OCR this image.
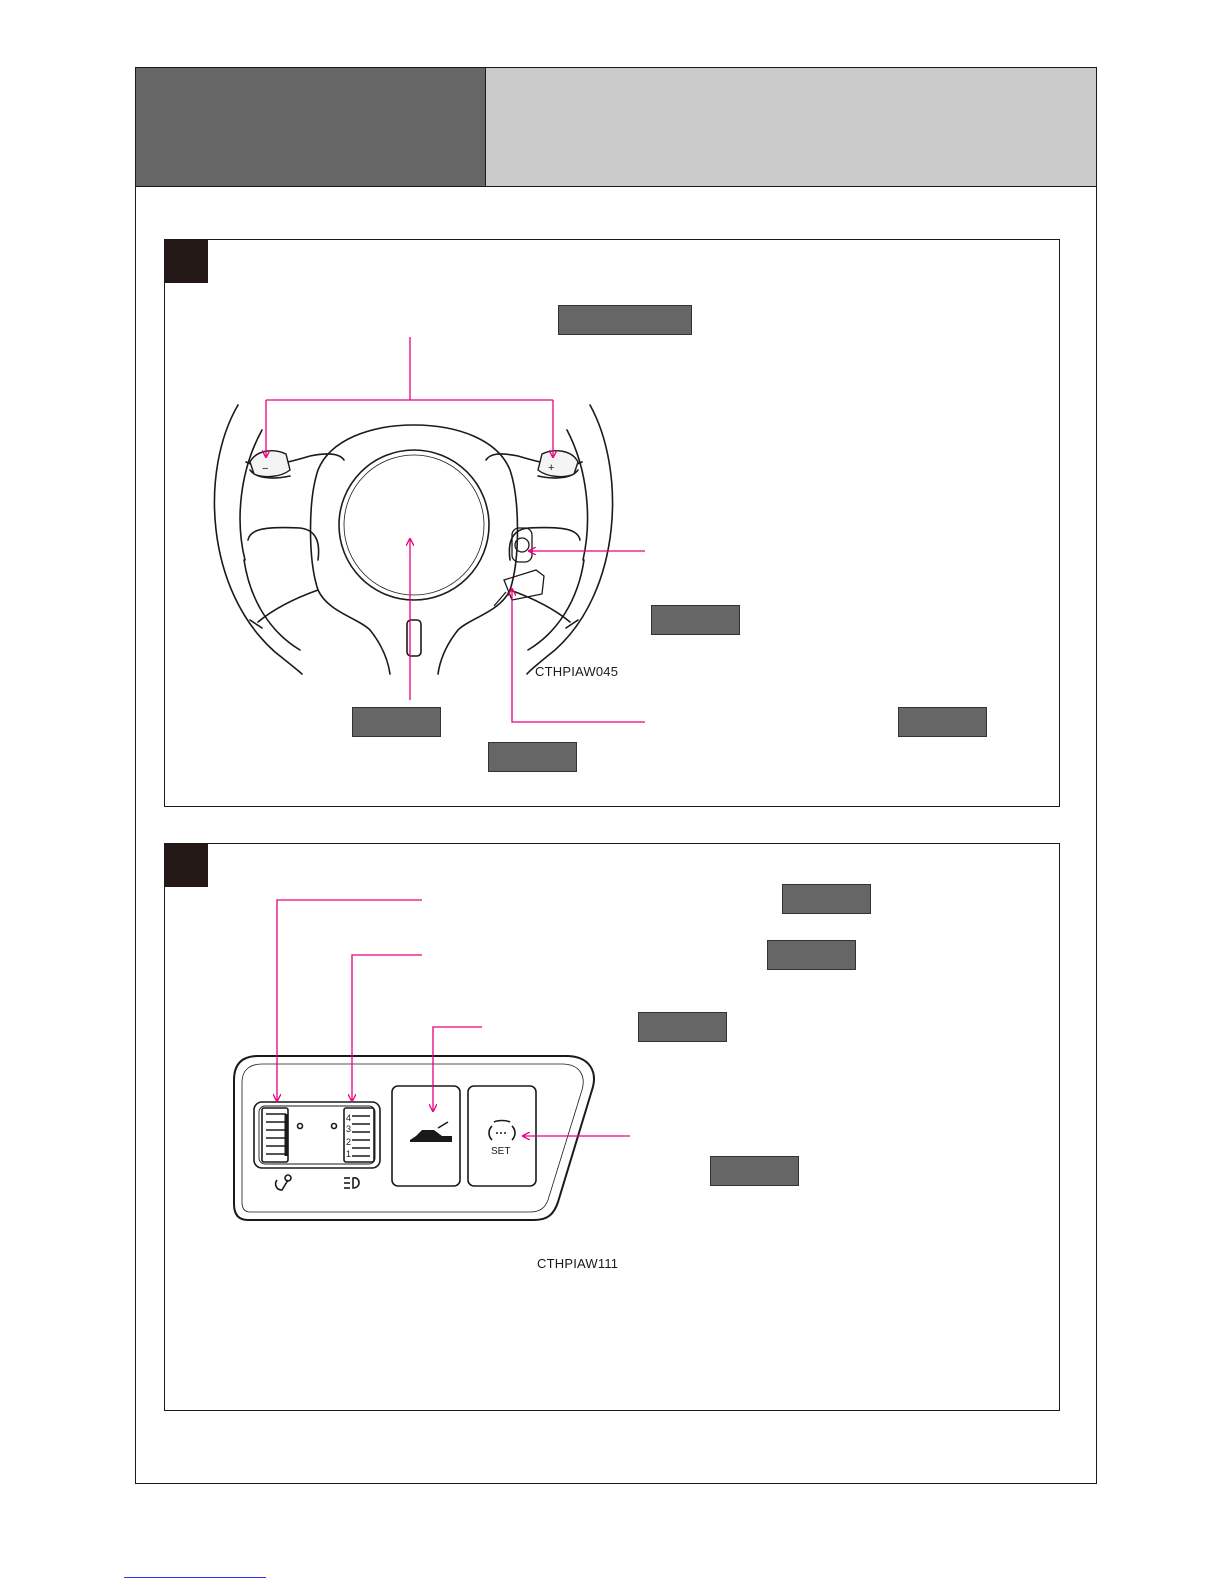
−	+
CTHPIAW045
4
3
2
1	SET
CTHPIAW111
